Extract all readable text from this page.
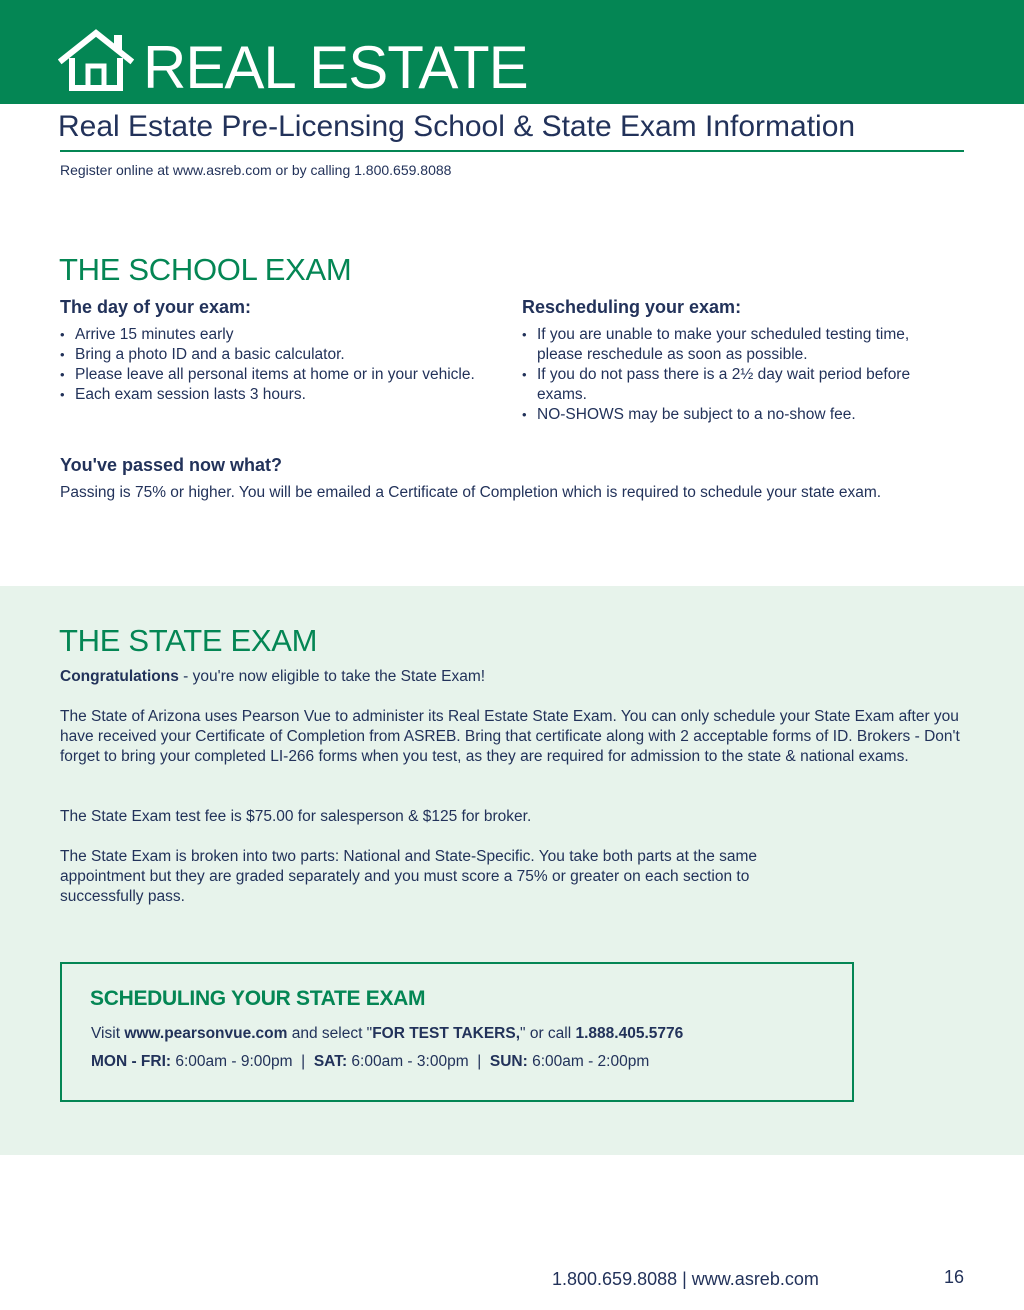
REAL ESTATE
Real Estate Pre-Licensing School & State Exam Information
Register online at www.asreb.com or by calling 1.800.659.8088
THE SCHOOL EXAM
The day of your exam:
• Arrive 15 minutes early
• Bring a photo ID and a basic calculator.
• Please leave all personal items at home or in your vehicle.
• Each exam session lasts 3 hours.
Rescheduling your exam:
• If you are unable to make your scheduled testing time, please reschedule as soon as possible.
• If you do not pass there is a 2½ day wait period before exams.
• NO-SHOWS may be subject to a no-show fee.
You've passed now what?
Passing is 75% or higher. You will be emailed a Certificate of Completion which is required to schedule your state exam.
THE STATE EXAM
Congratulations - you're now eligible to take the State Exam!
The State of Arizona uses Pearson Vue to administer its Real Estate State Exam. You can only schedule your State Exam after you have received your Certificate of Completion from ASREB. Bring that certificate along with 2 acceptable forms of ID. Brokers - Don't forget to bring your completed LI-266 forms when you test, as they are required for admission to the state & national exams.
The State Exam test fee is $75.00 for salesperson & $125 for broker.
The State Exam is broken into two parts: National and State-Specific. You take both parts at the same appointment but they are graded separately and you must score a 75% or greater on each section to successfully pass.
SCHEDULING YOUR STATE EXAM
Visit www.pearsonvue.com and select "FOR TEST TAKERS," or call 1.888.405.5776
MON - FRI: 6:00am - 9:00pm  |  SAT: 6:00am - 3:00pm  |  SUN: 6:00am - 2:00pm
1.800.659.8088 | www.asreb.com	16
